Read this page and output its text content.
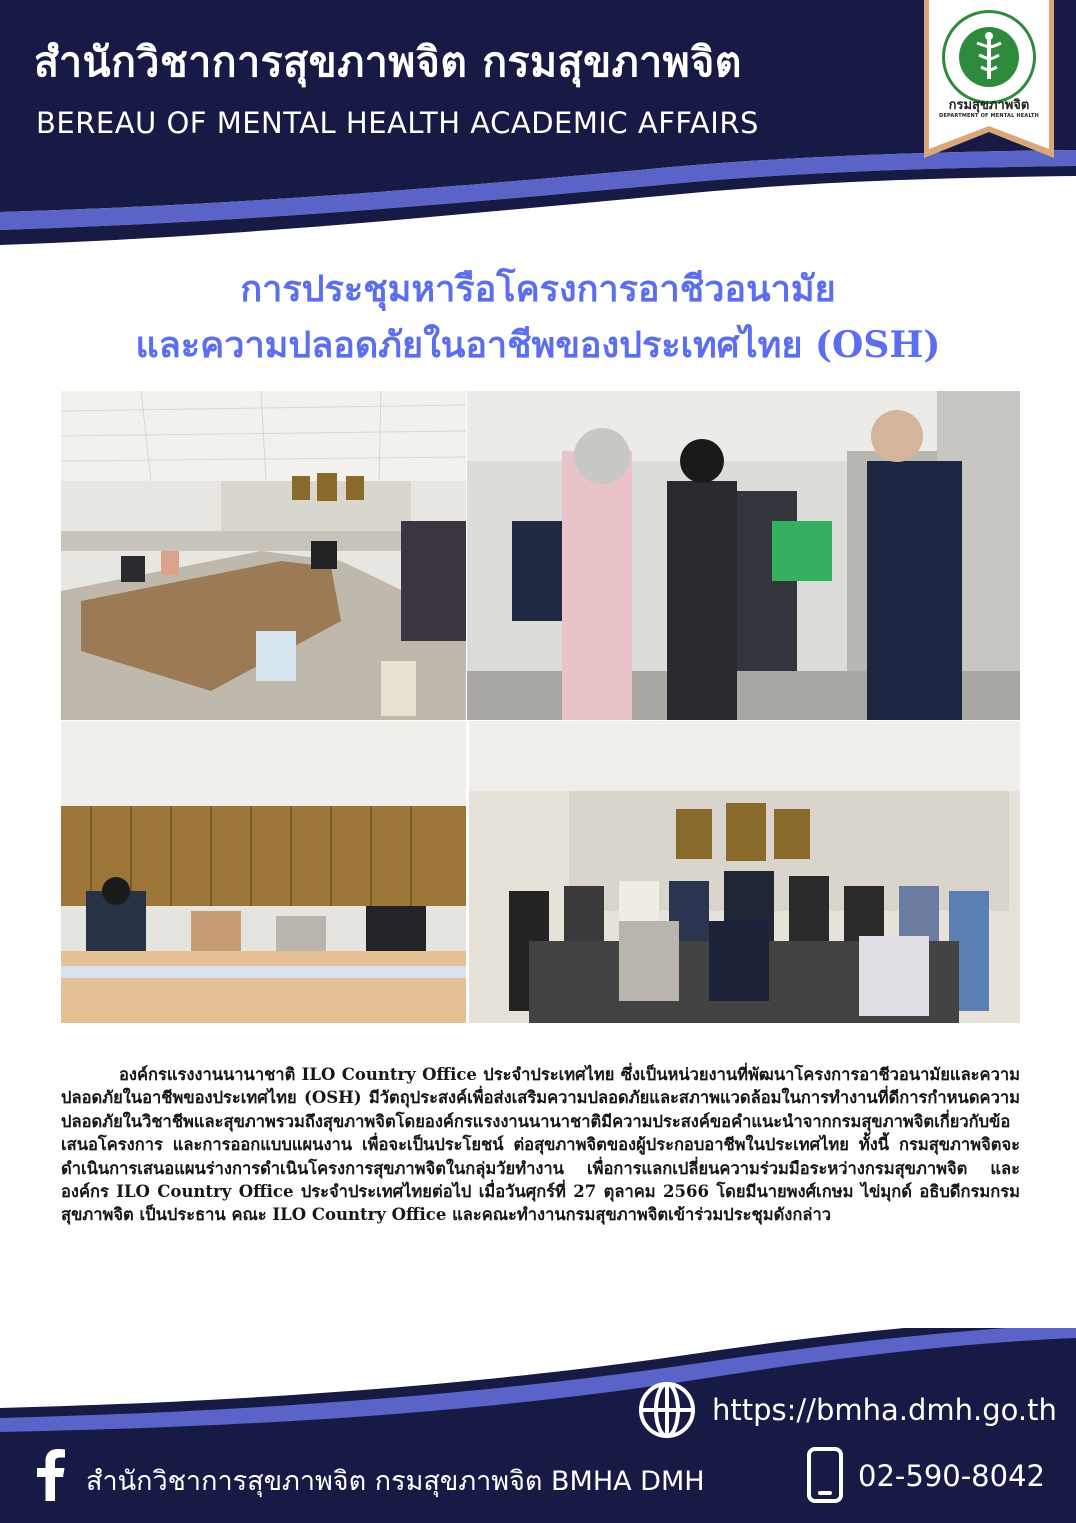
สำนักวิชาการสุขภาพจิต กรมสุขภาพจิต
BEREAU OF MENTAL HEALTH ACADEMIC AFFAIRS
กรมสุขภาพจิต
DEPARTMENT OF MENTAL HEALTH
การประชุมหารือโครงการอาชีวอนามัย
และความปลอดภัยในอาชีพของประเทศไทย (OSH)
องค์กรแรงงานนานาชาติ ILO Country Office ประจำประเทศไทย ซึ่งเป็นหน่วยงานที่พัฒนาโครงการอาชีวอนามัยและความปลอดภัยในอาชีพของประเทศไทย (OSH) มีวัตถุประสงค์เพื่อส่งเสริมความปลอดภัยและสภาพแวดล้อมในการทำงานที่ดีการกำหนดความปลอดภัยในวิชาชีพและสุขภาพรวมถึงสุขภาพจิตโดยองค์กรแรงงานนานาชาติมีความประสงค์ขอคำแนะนำจากกรมสุขภาพจิตเกี่ยวกับข้อเสนอโครงการ และการออกแบบแผนงาน เพื่อจะเป็นประโยชน์ ต่อสุขภาพจิตของผู้ประกอบอาชีพในประเทศไทย ทั้งนี้ กรมสุขภาพจิตจะดำเนินการเสนอแผนร่างการดำเนินโครงการสุขภาพจิตในกลุ่มวัยทำงาน เพื่อการแลกเปลี่ยนความร่วมมือระหว่างกรมสุขภาพจิต และองค์กร ILO Country Office ประจำประเทศไทยต่อไป เมื่อวันศุกร์ที่ 27 ตุลาคม 2566 โดยมีนายพงศ์เกษม ไข่มุกด์ อธิบดีกรมกรมสุขภาพจิต เป็นประธาน คณะ ILO Country Office และคณะทำงานกรมสุขภาพจิตเข้าร่วมประชุมดังกล่าว
https://bmha.dmh.go.th
สำนักวิชาการสุขภาพจิต กรมสุขภาพจิต BMHA DMH	02-590-8042
